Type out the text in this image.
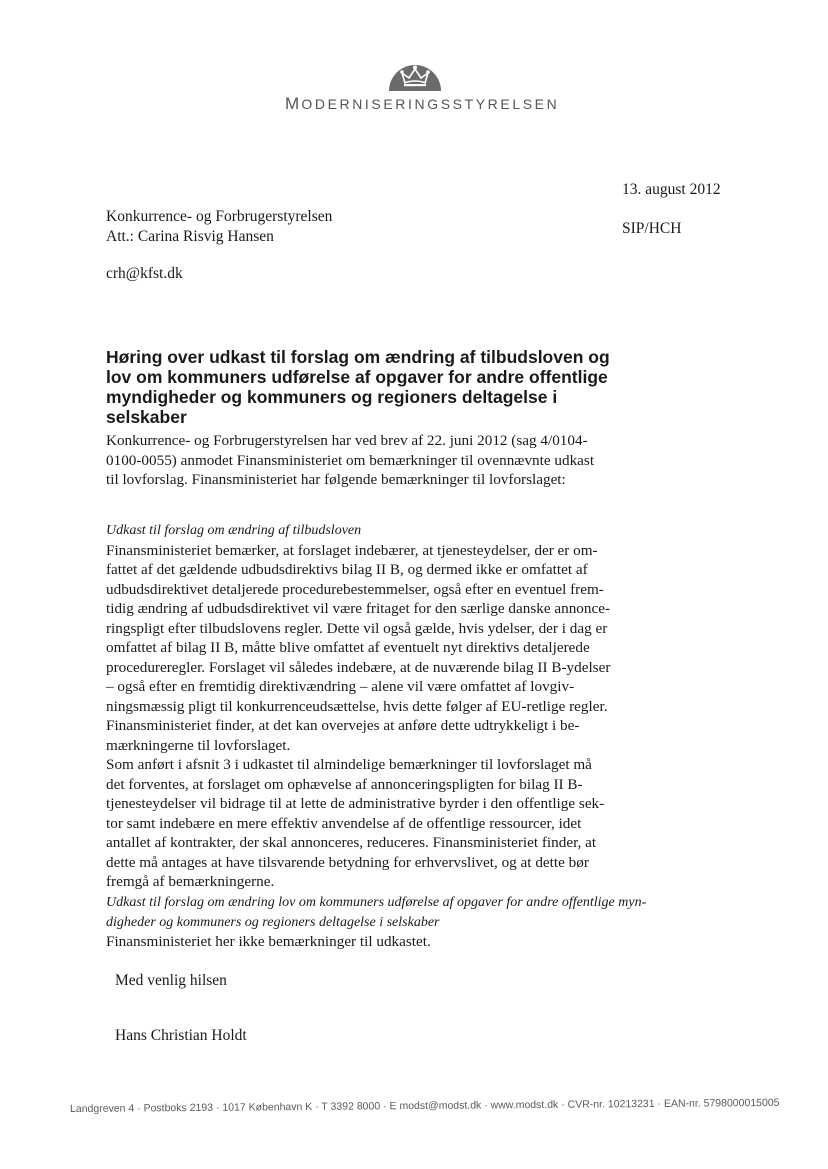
MODERNISERINGSSTYRELSEN
13. august 2012
SIP/HCH
Konkurrence- og Forbrugerstyrelsen
Att.: Carina Risvig Hansen
crh@kfst.dk
Høring over udkast til forslag om ændring af tilbudsloven og lov om kommuners udførelse af opgaver for andre offentlige myndigheder og kommuners og regioners deltagelse i selskaber
Konkurrence- og Forbrugerstyrelsen har ved brev af 22. juni 2012 (sag 4/0104-
0100-0055) anmodet Finansministeriet om bemærkninger til ovennævnte udkast
til lovforslag. Finansministeriet har følgende bemærkninger til lovforslaget:
Udkast til forslag om ændring af tilbudsloven
Finansministeriet bemærker, at forslaget indebærer, at tjenesteydelser, der er om-
fattet af det gældende udbudsdirektivs bilag II B, og dermed ikke er omfattet af
udbudsdirektivet detaljerede procedurebestemmelser, også efter en eventuel frem-
tidig ændring af udbudsdirektivet vil være fritaget for den særlige danske annonce-
ringspligt efter tilbudslovens regler. Dette vil også gælde, hvis ydelser, der i dag er
omfattet af bilag II B, måtte blive omfattet af eventuelt nyt direktivs detaljerede
procedureregler. Forslaget vil således indebære, at de nuværende bilag II B-ydelser
– også efter en fremtidig direktivændring – alene vil være omfattet af lovgiv-
ningsmæssig pligt til konkurrenceudsættelse, hvis dette følger af EU-retlige regler.
Finansministeriet finder, at det kan overvejes at anføre dette udtrykkeligt i be-
mærkningerne til lovforslaget.
Som anført i afsnit 3 i udkastet til almindelige bemærkninger til lovforslaget må
det forventes, at forslaget om ophævelse af annonceringspligten for bilag II B-
tjenesteydelser vil bidrage til at lette de administrative byrder i den offentlige sek-
tor samt indebære en mere effektiv anvendelse af de offentlige ressourcer, idet
antallet af kontrakter, der skal annonceres, reduceres. Finansministeriet finder, at
dette må antages at have tilsvarende betydning for erhvervslivet, og at dette bør
fremgå af bemærkningerne.
Udkast til forslag om ændring lov om kommuners udførelse af opgaver for andre offentlige myn-
digheder og kommuners og regioners deltagelse i selskaber
Finansministeriet her ikke bemærkninger til udkastet.
Med venlig hilsen
Hans Christian Holdt
Landgreven 4 · Postboks 2193 · 1017 København K · T 3392 8000 · E modst@modst.dk · www.modst.dk · CVR-nr. 10213231 · EAN-nr. 5798000015005
